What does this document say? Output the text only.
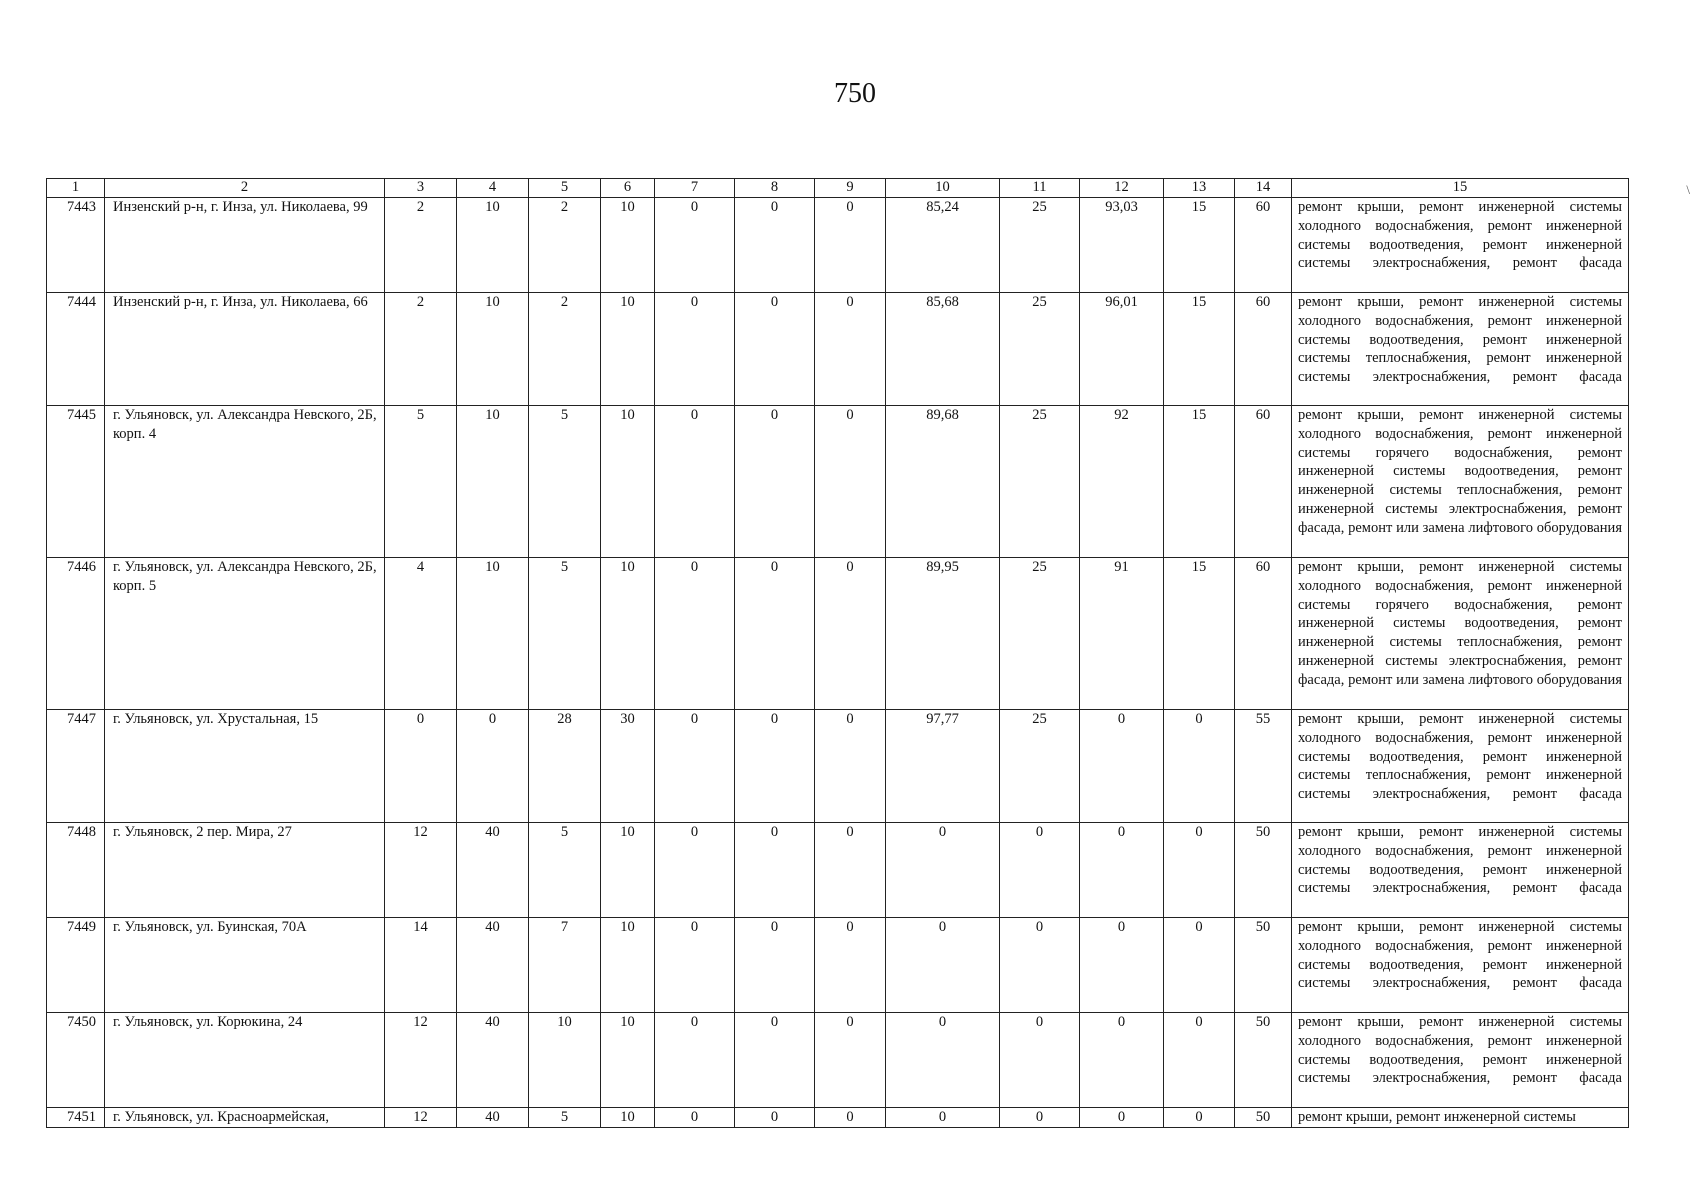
750
\
1	2	3	4	5	6	7	8	9	10	11	12	13	14	15
7443	Инзенский р-н, г. Инза, ул. Николаева, 99	2	10	2	10	0	0	0	85,24	25	93,03	15	60	ремонт крыши, ремонт инженерной системы холодного водоснабжения, ремонт инженерной системы водоотведения, ремонт инженерной системы электроснабжения, ремонт фасада
7444	Инзенский р-н, г. Инза, ул. Николаева, 66	2	10	2	10	0	0	0	85,68	25	96,01	15	60	ремонт крыши, ремонт инженерной системы холодного водоснабжения, ремонт инженерной системы водоотведения, ремонт инженерной системы теплоснабжения, ремонт инженерной системы электроснабжения, ремонт фасада
7445	г. Ульяновск, ул. Александра Невского, 2Б, корп. 4	5	10	5	10	0	0	0	89,68	25	92	15	60	ремонт крыши, ремонт инженерной системы холодного водоснабжения, ремонт инженерной системы горячего водоснабжения, ремонт инженерной системы водоотведения, ремонт инженерной системы теплоснабжения, ремонт инженерной системы электроснабжения, ремонт фасада, ремонт или замена лифтового оборудования
7446	г. Ульяновск, ул. Александра Невского, 2Б, корп. 5	4	10	5	10	0	0	0	89,95	25	91	15	60	ремонт крыши, ремонт инженерной системы холодного водоснабжения, ремонт инженерной системы горячего водоснабжения, ремонт инженерной системы водоотведения, ремонт инженерной системы теплоснабжения, ремонт инженерной системы электроснабжения, ремонт фасада, ремонт или замена лифтового оборудования
7447	г. Ульяновск, ул. Хрустальная, 15	0	0	28	30	0	0	0	97,77	25	0	0	55	ремонт крыши, ремонт инженерной системы холодного водоснабжения, ремонт инженерной системы водоотведения, ремонт инженерной системы теплоснабжения, ремонт инженерной системы электроснабжения, ремонт фасада
7448	г. Ульяновск, 2 пер. Мира, 27	12	40	5	10	0	0	0	0	0	0	0	50	ремонт крыши, ремонт инженерной системы холодного водоснабжения, ремонт инженерной системы водоотведения, ремонт инженерной системы электроснабжения, ремонт фасада
7449	г. Ульяновск, ул. Буинская, 70А	14	40	7	10	0	0	0	0	0	0	0	50	ремонт крыши, ремонт инженерной системы холодного водоснабжения, ремонт инженерной системы водоотведения, ремонт инженерной системы электроснабжения, ремонт фасада
7450	г. Ульяновск, ул. Корюкина, 24	12	40	10	10	0	0	0	0	0	0	0	50	ремонт крыши, ремонт инженерной системы холодного водоснабжения, ремонт инженерной системы водоотведения, ремонт инженерной системы электроснабжения, ремонт фасада
7451	г. Ульяновск, ул. Красноармейская,	12	40	5	10	0	0	0	0	0	0	0	50	ремонт крыши, ремонт инженерной системы
